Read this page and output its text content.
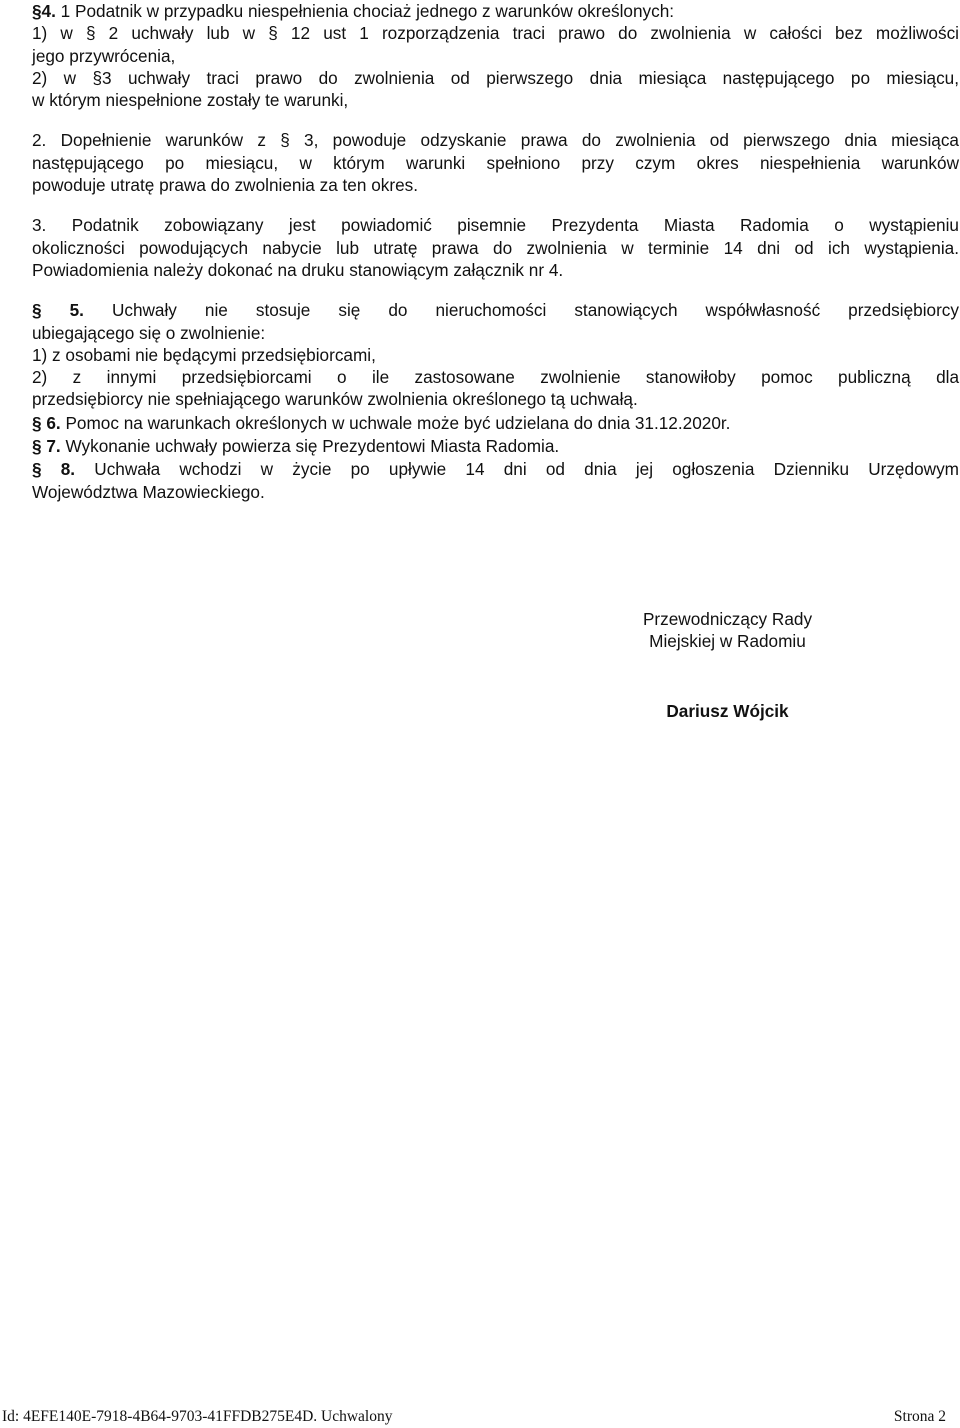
§4. 1 Podatnik w przypadku niespełnienia chociaż jednego z warunków określonych:
1) w § 2 uchwały lub w § 12 ust 1 rozporządzenia traci prawo do zwolnienia w całości bez możliwości
jego przywrócenia,
2) w §3 uchwały traci prawo do zwolnienia od pierwszego dnia miesiąca następującego po miesiącu,
w którym niespełnione zostały te warunki,
2. Dopełnienie warunków z § 3, powoduje odzyskanie prawa do zwolnienia od pierwszego dnia miesiąca
następującego po miesiącu, w którym warunki spełniono przy czym okres niespełnienia warunków
powoduje utratę prawa do zwolnienia za ten okres.
3. Podatnik zobowiązany jest powiadomić pisemnie Prezydenta Miasta Radomia o wystąpieniu
okoliczności powodujących nabycie lub utratę prawa do zwolnienia w terminie 14 dni od ich wystąpienia.
Powiadomienia należy dokonać na druku stanowiącym załącznik nr 4.
§ 5. Uchwały nie stosuje się do nieruchomości stanowiących współwłasność przedsiębiorcy
ubiegającego się o zwolnienie:
1) z osobami nie będącymi przedsiębiorcami,
2) z innymi przedsiębiorcami o ile zastosowane zwolnienie stanowiłoby pomoc publiczną dla
przedsiębiorcy nie spełniającego warunków zwolnienia określonego tą uchwałą.
§ 6. Pomoc na warunkach określonych w uchwale może być udzielana do dnia 31.12.2020r.
§ 7. Wykonanie uchwały powierza się Prezydentowi Miasta Radomia.
§ 8. Uchwała wchodzi w życie po upływie 14 dni od dnia jej ogłoszenia Dzienniku Urzędowym
Województwa Mazowieckiego.
Przewodniczący Rady
Miejskiej w Radomiu
Dariusz Wójcik
Id: 4EFE140E-7918-4B64-9703-41FFDB275E4D. Uchwalony	Strona 2
